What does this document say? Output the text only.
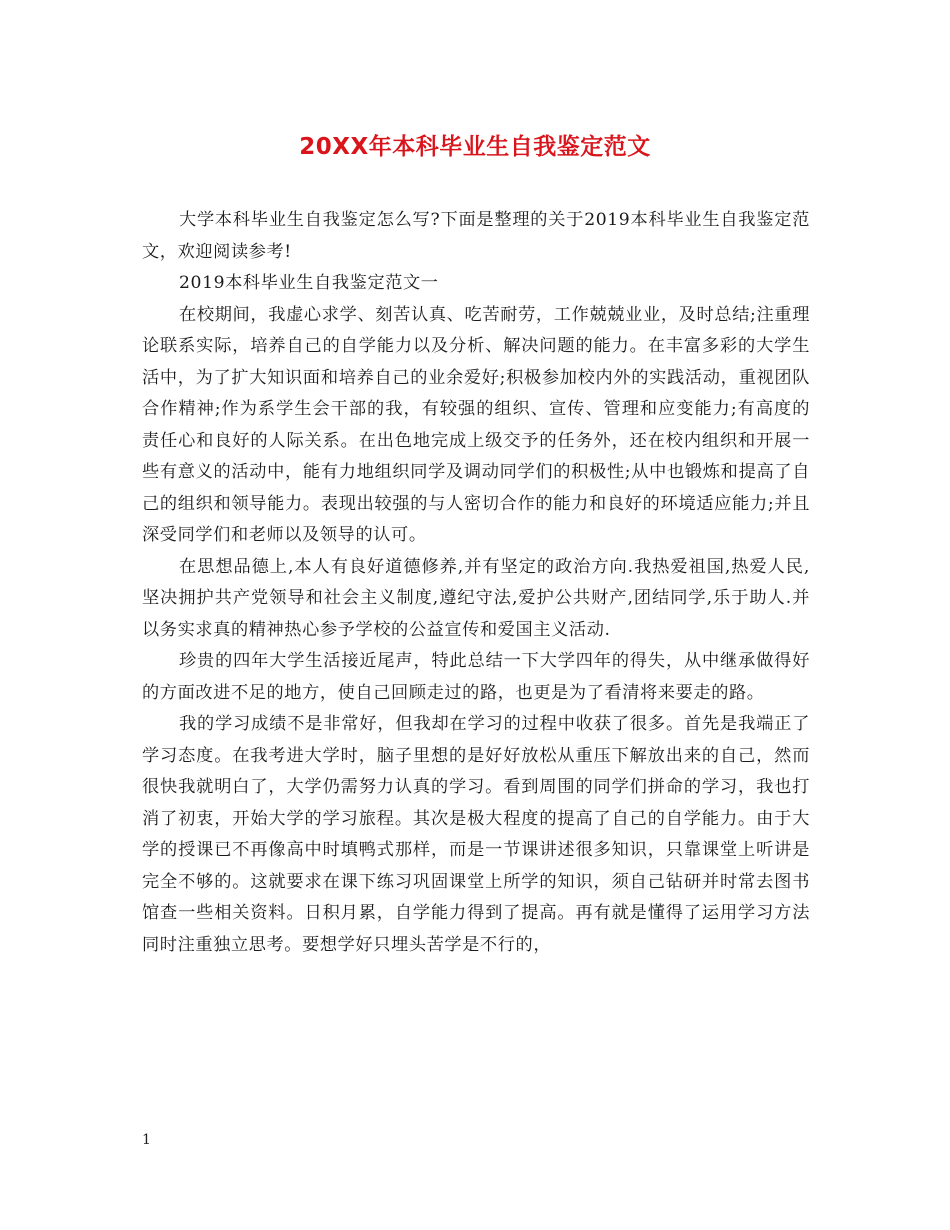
20XX年本科毕业生自我鉴定范文

大学本科毕业生自我鉴定怎么写?下面是整理的关于2019本科毕业生自我鉴定范文，欢迎阅读参考!

2019本科毕业生自我鉴定范文一

在校期间，我虚心求学、刻苦认真、吃苦耐劳，工作兢兢业业，及时总结;注重理论联系实际，培养自己的自学能力以及分析、解决问题的能力。在丰富多彩的大学生活中，为了扩大知识面和培养自己的业余爱好;积极参加校内外的实践活动，重视团队合作精神;作为系学生会干部的我，有较强的组织、宣传、管理和应变能力;有高度的责任心和良好的人际关系。在出色地完成上级交予的任务外，还在校内组织和开展一些有意义的活动中，能有力地组织同学及调动同学们的积极性;从中也锻炼和提高了自己的组织和领导能力。表现出较强的与人密切合作的能力和良好的环境适应能力;并且深受同学们和老师以及领导的认可。

在思想品德上,本人有良好道德修养,并有坚定的政治方向.我热爱祖国,热爱人民,坚决拥护共产党领导和社会主义制度,遵纪守法,爱护公共财产,团结同学,乐于助人.并以务实求真的精神热心参予学校的公益宣传和爱国主义活动.

珍贵的四年大学生活接近尾声，特此总结一下大学四年的得失，从中继承做得好的方面改进不足的地方，使自己回顾走过的路，也更是为了看清将来要走的路。

我的学习成绩不是非常好，但我却在学习的过程中收获了很多。首先是我端正了学习态度。在我考进大学时，脑子里想的是好好放松从重压下解放出来的自己，然而很快我就明白了，大学仍需努力认真的学习。看到周围的同学们拼命的学习，我也打消了初衷，开始大学的学习旅程。其次是极大程度的提高了自己的自学能力。由于大学的授课已不再像高中时填鸭式那样，而是一节课讲述很多知识，只靠课堂上听讲是完全不够的。这就要求在课下练习巩固课堂上所学的知识，须自己钻研并时常去图书馆查一些相关资料。日积月累，自学能力得到了提高。再有就是懂得了运用学习方法同时注重独立思考。要想学好只埋头苦学是不行的，

1
